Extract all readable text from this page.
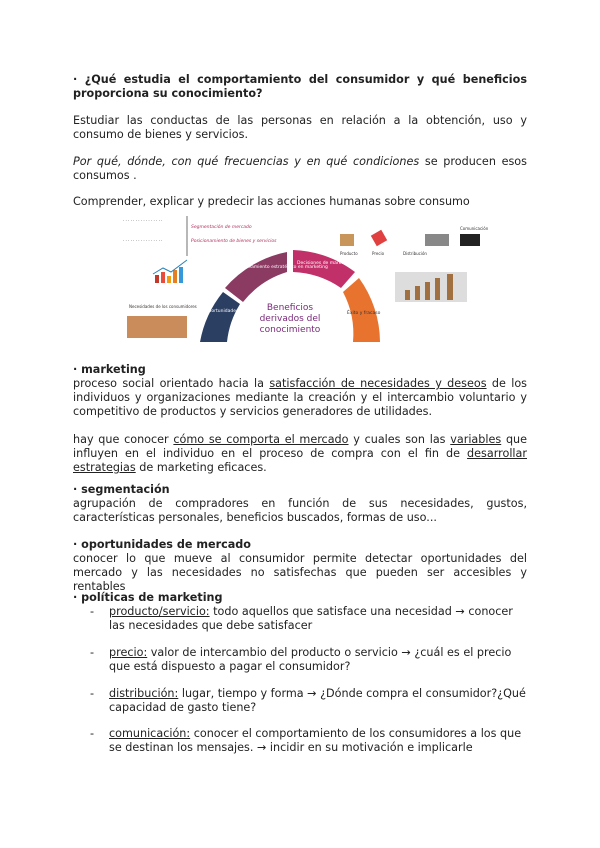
· ¿Qué estudia el comportamiento del consumidor y qué beneficios proporciona su conocimiento?
Estudiar las conductas de las personas en relación a la obtención, uso y consumo de bienes y servicios.
Por qué, dónde, con qué frecuencias y en qué condiciones se producen esos consumos .
Comprender, explicar y predecir las acciones humanas sobre consumo
· · · · · · · · · · · · · · · ·
· · · · · · · · · · · · · · · ·
Segmentación de mercado
Posicionamiento de bienes y servicios
Necesidades de los consumidores
Oportunidades de mercado
Planteamiento estratégico en marketing
Decisiones de marketing
Éxito y fracaso
Beneficios
derivados del
conocimiento
Producto	Precio	Distribución
Comunicación
· marketing
proceso social orientado hacia la satisfacción de necesidades y deseos de los individuos y organizaciones mediante la creación y el intercambio voluntario y competitivo de productos y servicios generadores de utilidades.
hay que conocer cómo se comporta el mercado y cuales son las variables que influyen en el individuo en el proceso de compra con el fin de desarrollar estrategias de marketing eficaces.
· segmentación
agrupación de compradores en función de sus necesidades, gustos, características personales, beneficios buscados, formas de uso...
· oportunidades de mercado
conocer lo que mueve al consumidor permite detectar oportunidades del mercado y las necesidades no satisfechas que pueden ser accesibles y rentables
· políticas de marketing
- producto/servicio: todo aquellos que satisface una necesidad → conocer las necesidades que debe satisfacer
- precio: valor de intercambio del producto o servicio → ¿cuál es el precio que está dispuesto a pagar el consumidor?
- distribución: lugar, tiempo y forma → ¿Dónde compra el consumidor?¿Qué capacidad de gasto tiene?
- comunicación: conocer el comportamiento de los consumidores a los que se destinan los mensajes. → incidir en su motivación e implicarle
